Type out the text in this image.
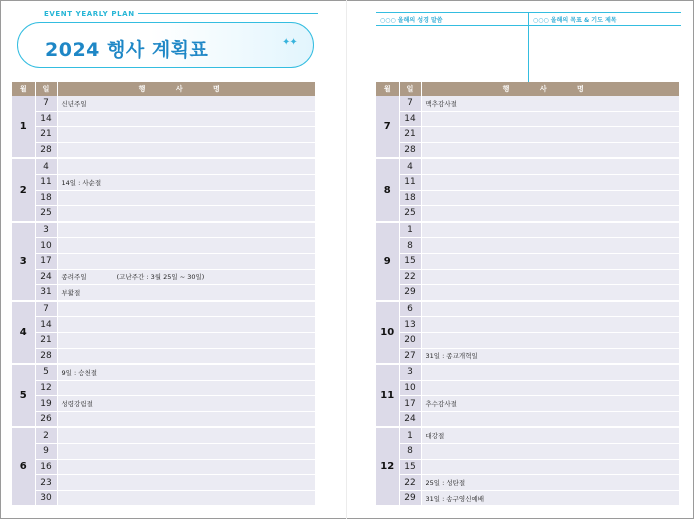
EVENT YEARLY PLAN
2024 행사 계획표	✦✦
○○○ 올해의 성경 말씀	○○○ 올해의 목표 & 기도 제목
월	일	행 사 명
1	7	신년주일
	14	
	21	
	28	
2	4	
	11	14일 : 사순절
	18	
	25	
3	3	
	10	
	17	
	24	종려주일 (고난주간 : 3월 25일 ~ 30일)
	31	부활절
4	7	
	14	
	21	
	28	
5	5	9일 : 승천절
	12	
	19	성령강림절
	26	
6	2	
	9	
	16	
	23	
	30	
월	일	행 사 명
7	7	맥추감사절
	14	
	21	
	28	
8	4	
	11	
	18	
	25	
9	1	
	8	
	15	
	22	
	29	
10	6	
	13	
	20	
	27	31일 : 종교개혁일
11	3	
	10	
	17	추수감사절
	24	
12	1	대강절
	8	
	15	
	22	25일 : 성탄절
	29	31일 : 송구영신예배
